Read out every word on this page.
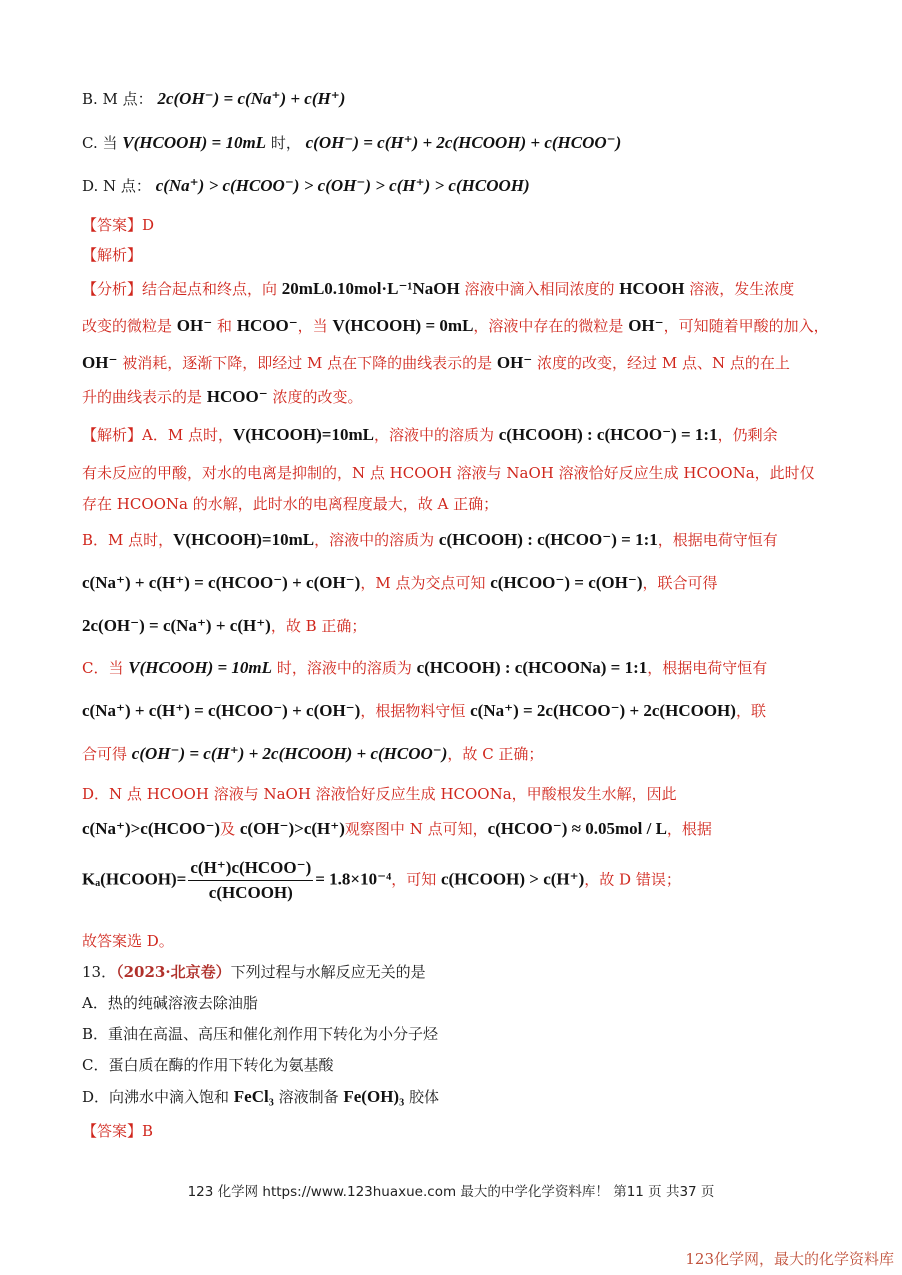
B. M 点： 2c(OH⁻) = c(Na⁺) + c(H⁺)
C. 当 V(HCOOH) = 10mL 时， c(OH⁻) = c(H⁺) + 2c(HCOOH) + c(HCOO⁻)
D. N 点： c(Na⁺) > c(HCOO⁻) > c(OH⁻) > c(H⁺) > c(HCOOH)
【答案】D
【解析】
【分析】结合起点和终点，向 20mL0.10mol·L⁻¹NaOH 溶液中滴入相同浓度的 HCOOH 溶液，发生浓度
改变的微粒是 OH⁻ 和 HCOO⁻，当 V(HCOOH) = 0mL，溶液中存在的微粒是 OH⁻，可知随着甲酸的加入，
OH⁻ 被消耗，逐渐下降，即经过 M 点在下降的曲线表示的是 OH⁻ 浓度的改变，经过 M 点、N 点的在上
升的曲线表示的是 HCOO⁻ 浓度的改变。
【解析】A．M 点时，V(HCOOH)=10mL，溶液中的溶质为 c(HCOOH) : c(HCOO⁻) = 1:1，仍剩余
有未反应的甲酸，对水的电离是抑制的，N 点 HCOOH 溶液与 NaOH 溶液恰好反应生成 HCOONa，此时仅
存在 HCOONa 的水解，此时水的电离程度最大，故 A 正确；
B．M 点时，V(HCOOH)=10mL，溶液中的溶质为 c(HCOOH) : c(HCOO⁻) = 1:1，根据电荷守恒有
c(Na⁺) + c(H⁺) = c(HCOO⁻) + c(OH⁻)，M 点为交点可知 c(HCOO⁻) = c(OH⁻)，联合可得
2c(OH⁻) = c(Na⁺) + c(H⁺)，故 B 正确；
C．当 V(HCOOH) = 10mL 时，溶液中的溶质为 c(HCOOH) : c(HCOONa) = 1:1，根据电荷守恒有
c(Na⁺) + c(H⁺) = c(HCOO⁻) + c(OH⁻)，根据物料守恒 c(Na⁺) = 2c(HCOO⁻) + 2c(HCOOH)，联
合可得 c(OH⁻) = c(H⁺) + 2c(HCOOH) + c(HCOO⁻)，故 C 正确；
D．N 点 HCOOH 溶液与 NaOH 溶液恰好反应生成 HCOONa，甲酸根发生水解，因此
c(Na⁺)>c(HCOO⁻)及 c(OH⁻)>c(H⁺)观察图中 N 点可知，c(HCOO⁻) ≈ 0.05mol / L，根据
Kₐ(HCOOH)= $\frac{\text{c(H⁺)c(HCOO⁻)}}{\text{c(HCOOH)}} = 1.8\times 10^{-4}$，可知 c(HCOOH) > c(H⁺)，故 D 错误；
故答案选 D。
13．（2023·北京卷）下列过程与水解反应无关的是
A．热的纯碱溶液去除油脂
B．重油在高温、高压和催化剂作用下转化为小分子烃
C．蛋白质在酶的作用下转化为氨基酸
D．向沸水中滴入饱和 FeCl₃ 溶液制备 Fe(OH)₃ 胶体
【答案】B
123 化学网 https://www.123huaxue.com 最大的中学化学资料库！ 第11 页 共37 页
123化学网，最大的化学资料库
